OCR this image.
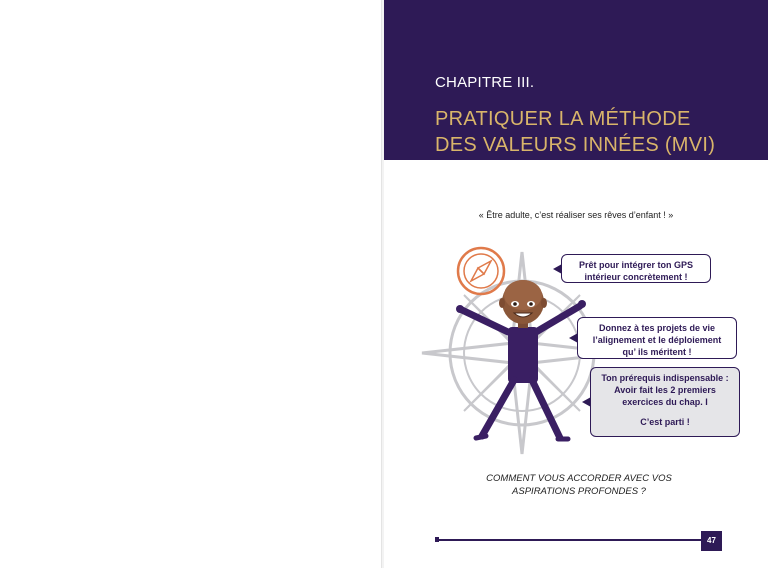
CHAPITRE III.
PRATIQUER LA MÉTHODE
DES VALEURS INNÉES (MVI)
« Être adulte, c’est réaliser ses rêves d’enfant ! »
Prêt pour intégrer ton GPS
intérieur concrètement !
Donnez à tes projets de vie
l’alignement et le déploiement
qu’ ils méritent !
Ton prérequis indispensable :
Avoir fait les 2 premiers
exercices du chap. I
C’est parti !
COMMENT VOUS ACCORDER AVEC VOS
ASPIRATIONS PROFONDES ?
47
